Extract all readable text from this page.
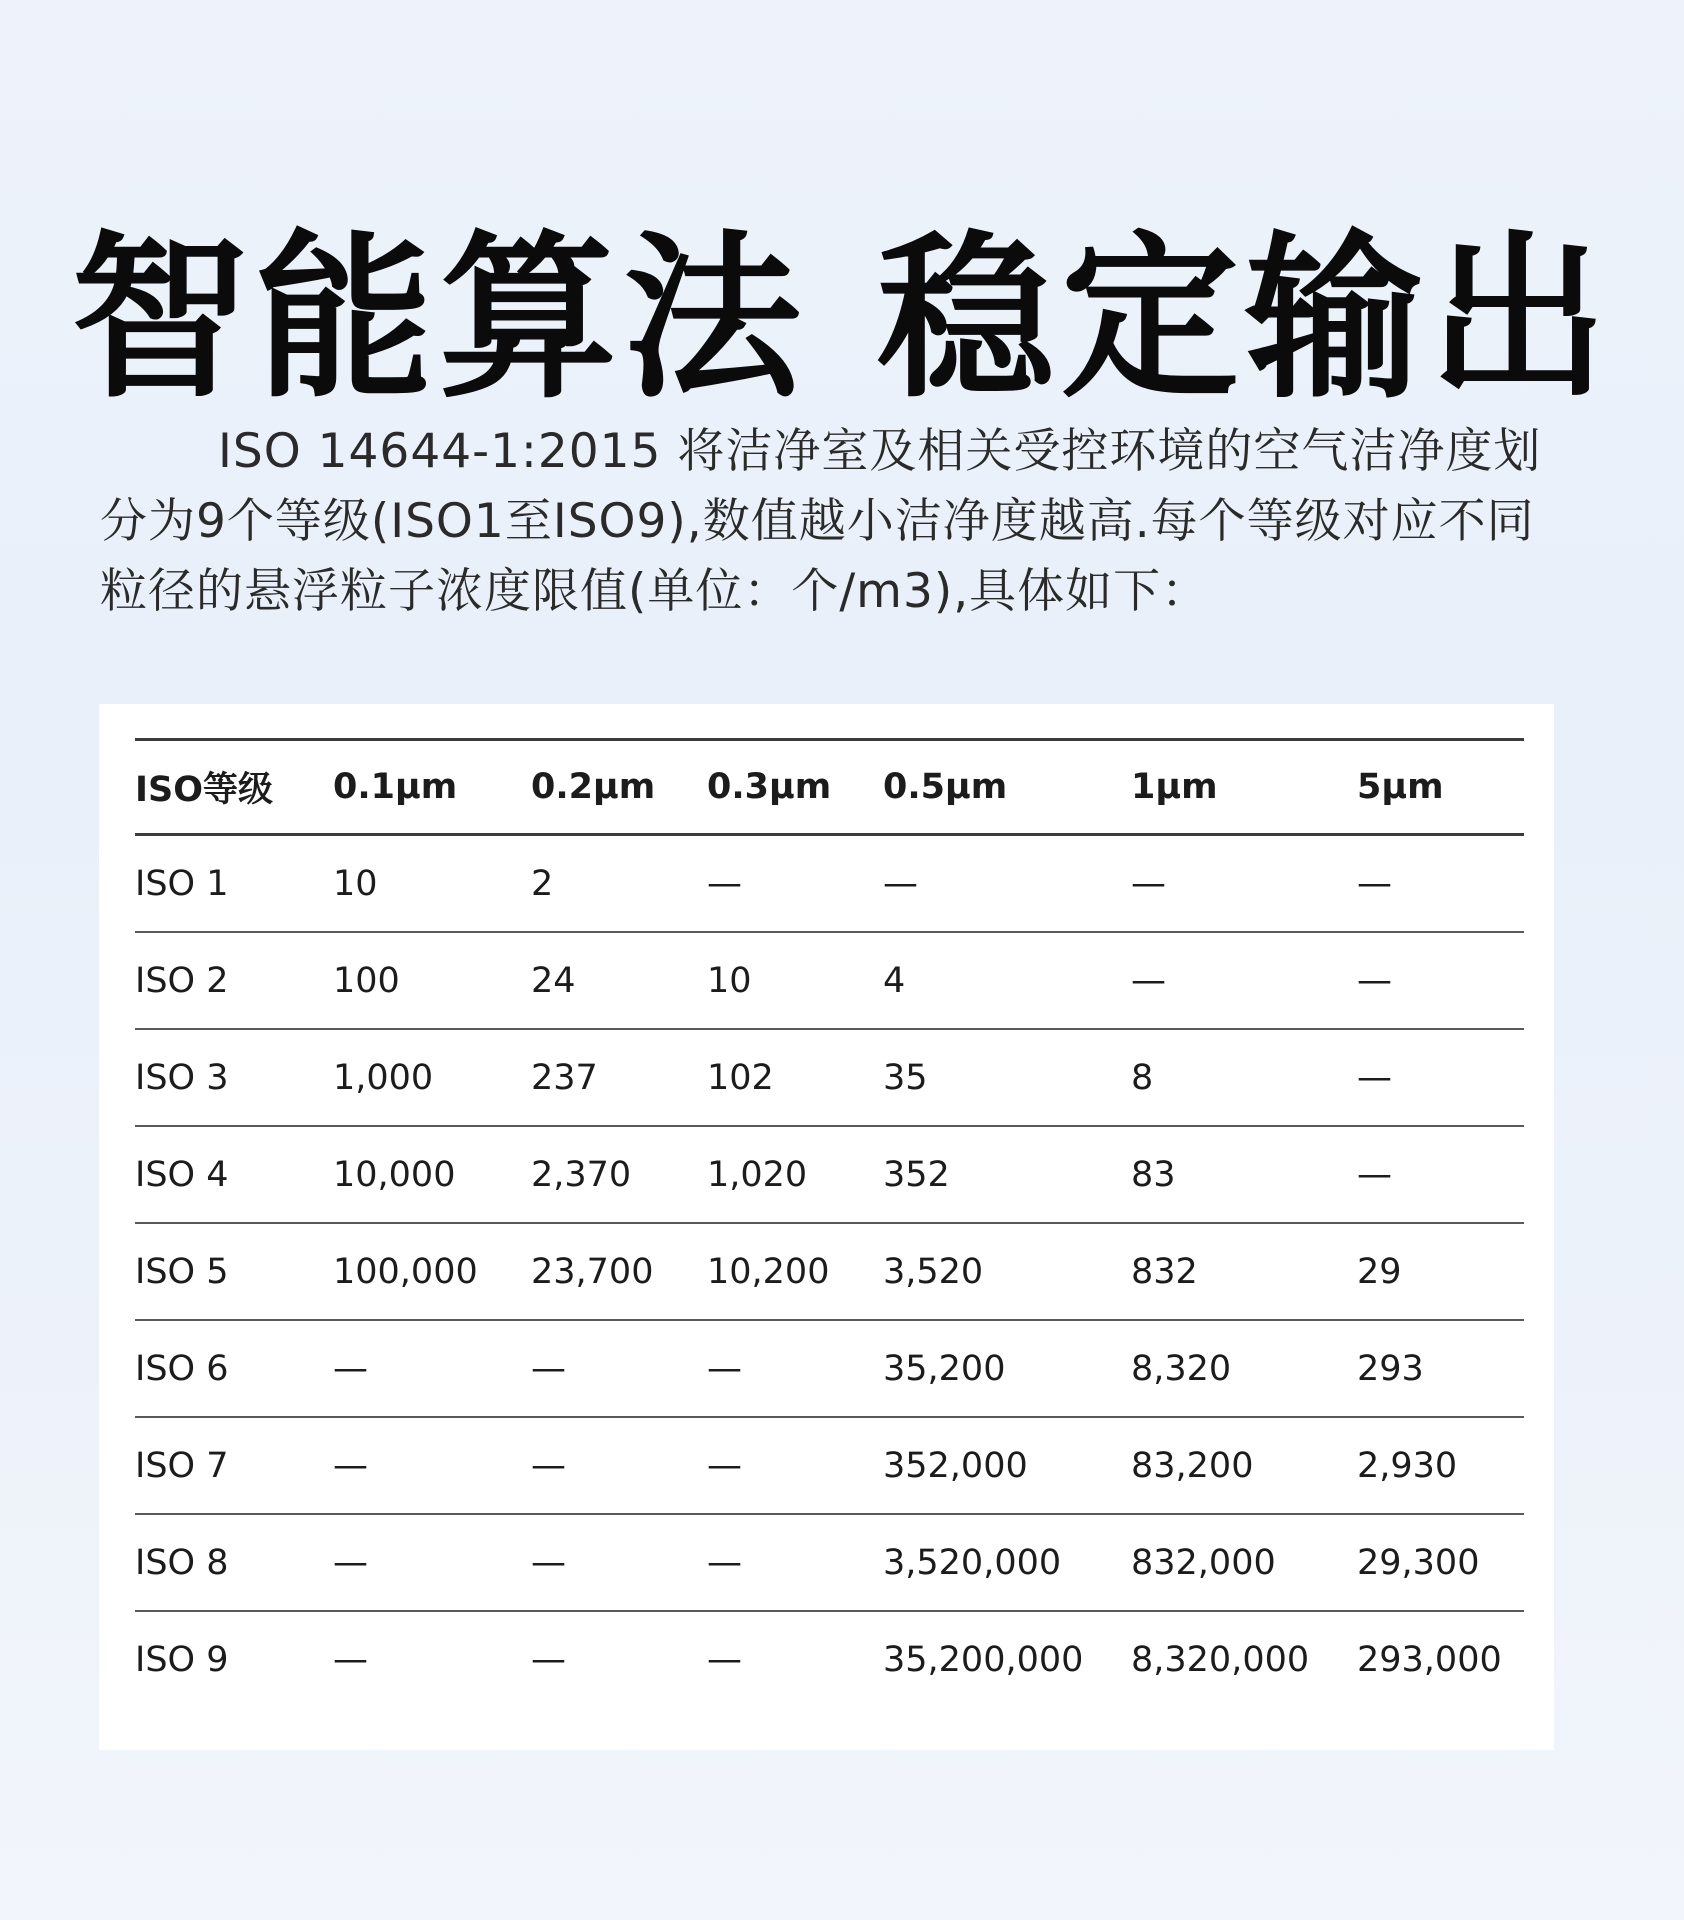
智能算法 稳定输出

ISO 14644-1:2015 将洁净室及相关受控环境的空气洁净度划分为9个等级(ISO1至ISO9),数值越小洁净度越高.每个等级对应不同粒径的悬浮粒子浓度限值(单位：个/m3),具体如下：

ISO等级	0.1μm	0.2μm	0.3μm	0.5μm	1μm	5μm
ISO 1	10	2	—	—	—	—
ISO 2	100	24	10	4	—	—
ISO 3	1,000	237	102	35	8	—
ISO 4	10,000	2,370	1,020	352	83	—
ISO 5	100,000	23,700	10,200	3,520	832	29
ISO 6	—	—	—	35,200	8,320	293
ISO 7	—	—	—	352,000	83,200	2,930
ISO 8	—	—	—	3,520,000	832,000	29,300
ISO 9	—	—	—	35,200,000	8,320,000	293,000
